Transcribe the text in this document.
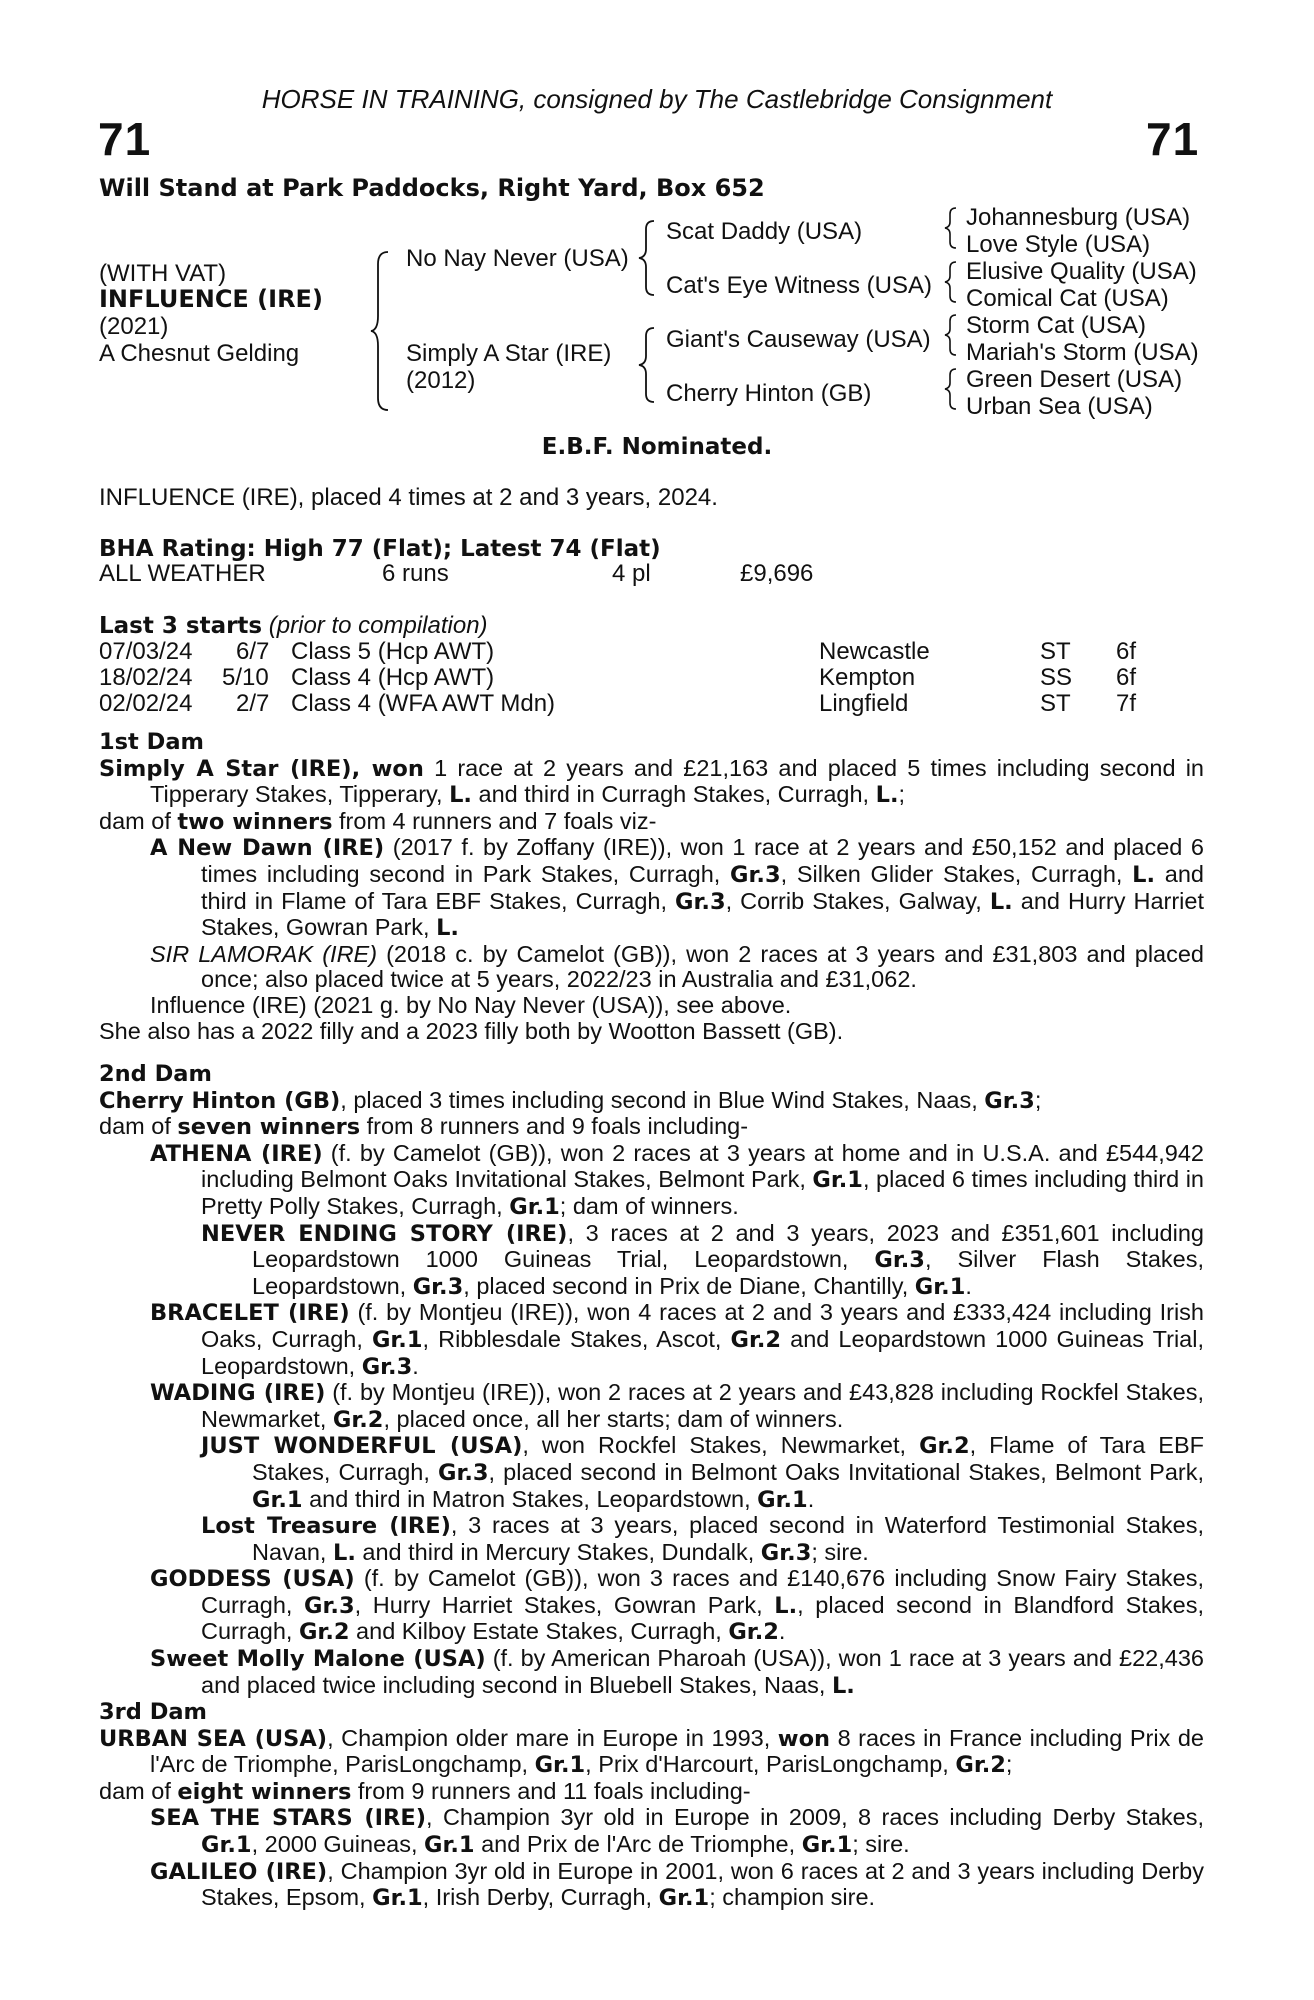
HORSE IN TRAINING, consigned by The Castlebridge Consignment
71	71
Will Stand at Park Paddocks, Right Yard, Box 652
(WITH VAT)
INFLUENCE (IRE)
(2021)
A Chesnut Gelding
No Nay Never (USA)
Simply A Star (IRE)
(2012)
Scat Daddy (USA)
Cat's Eye Witness (USA)
Giant's Causeway (USA)
Cherry Hinton (GB)
Johannesburg (USA)
Love Style (USA)
Elusive Quality (USA)
Comical Cat (USA)
Storm Cat (USA)
Mariah's Storm (USA)
Green Desert (USA)
Urban Sea (USA)
E.B.F. Nominated.
INFLUENCE (IRE), placed 4 times at 2 and 3 years, 2024.
BHA Rating: High 77 (Flat); Latest 74 (Flat)
ALL WEATHER	6 runs	4 pl	£9,696
Last 3 starts (prior to compilation)
07/03/24 6/7 Class 5 (Hcp AWT)	Newcastle	ST 6f
18/02/24 5/10 Class 4 (Hcp AWT)	Kempton	SS 6f
02/02/24 2/7 Class 4 (WFA AWT Mdn)	Lingfield	ST 7f

1st Dam

Simply A Star (IRE), won 1 race at 2 years and £21,163 and placed 5 times including second in Tipperary Stakes, Tipperary, L. and third in Curragh Stakes, Curragh, L.;

dam of two winners from 4 runners and 7 foals viz-

A New Dawn (IRE) (2017 f. by Zoffany (IRE)), won 1 race at 2 years and £50,152 and placed 6 times including second in Park Stakes, Curragh, Gr.3, Silken Glider Stakes, Curragh, L. and third in Flame of Tara EBF Stakes, Curragh, Gr.3, Corrib Stakes, Galway, L. and Hurry Harriet Stakes, Gowran Park, L.

SIR LAMORAK (IRE) (2018 c. by Camelot (GB)), won 2 races at 3 years and £31,803 and placed once; also placed twice at 5 years, 2022/23 in Australia and £31,062.

Influence (IRE) (2021 g. by No Nay Never (USA)), see above.

She also has a 2022 filly and a 2023 filly both by Wootton Bassett (GB).

2nd Dam

Cherry Hinton (GB), placed 3 times including second in Blue Wind Stakes, Naas, Gr.3;

dam of seven winners from 8 runners and 9 foals including-

ATHENA (IRE) (f. by Camelot (GB)), won 2 races at 3 years at home and in U.S.A. and £544,942 including Belmont Oaks Invitational Stakes, Belmont Park, Gr.1, placed 6 times including third in Pretty Polly Stakes, Curragh, Gr.1; dam of winners.

NEVER ENDING STORY (IRE), 3 races at 2 and 3 years, 2023 and £351,601 including Leopardstown 1000 Guineas Trial, Leopardstown, Gr.3, Silver Flash Stakes, Leopardstown, Gr.3, placed second in Prix de Diane, Chantilly, Gr.1.

BRACELET (IRE) (f. by Montjeu (IRE)), won 4 races at 2 and 3 years and £333,424 including Irish Oaks, Curragh, Gr.1, Ribblesdale Stakes, Ascot, Gr.2 and Leopardstown 1000 Guineas Trial, Leopardstown, Gr.3.

WADING (IRE) (f. by Montjeu (IRE)), won 2 races at 2 years and £43,828 including Rockfel Stakes, Newmarket, Gr.2, placed once, all her starts; dam of winners.

JUST WONDERFUL (USA), won Rockfel Stakes, Newmarket, Gr.2, Flame of Tara EBF Stakes, Curragh, Gr.3, placed second in Belmont Oaks Invitational Stakes, Belmont Park, Gr.1 and third in Matron Stakes, Leopardstown, Gr.1.

Lost Treasure (IRE), 3 races at 3 years, placed second in Waterford Testimonial Stakes, Navan, L. and third in Mercury Stakes, Dundalk, Gr.3; sire.

GODDESS (USA) (f. by Camelot (GB)), won 3 races and £140,676 including Snow Fairy Stakes, Curragh, Gr.3, Hurry Harriet Stakes, Gowran Park, L., placed second in Blandford Stakes, Curragh, Gr.2 and Kilboy Estate Stakes, Curragh, Gr.2.

Sweet Molly Malone (USA) (f. by American Pharoah (USA)), won 1 race at 3 years and £22,436 and placed twice including second in Bluebell Stakes, Naas, L.

3rd Dam

URBAN SEA (USA), Champion older mare in Europe in 1993, won 8 races in France including Prix de l'Arc de Triomphe, ParisLongchamp, Gr.1, Prix d'Harcourt, ParisLongchamp, Gr.2;

dam of eight winners from 9 runners and 11 foals including-

SEA THE STARS (IRE), Champion 3yr old in Europe in 2009, 8 races including Derby Stakes, Gr.1, 2000 Guineas, Gr.1 and Prix de l'Arc de Triomphe, Gr.1; sire.

GALILEO (IRE), Champion 3yr old in Europe in 2001, won 6 races at 2 and 3 years including Derby Stakes, Epsom, Gr.1, Irish Derby, Curragh, Gr.1; champion sire.
